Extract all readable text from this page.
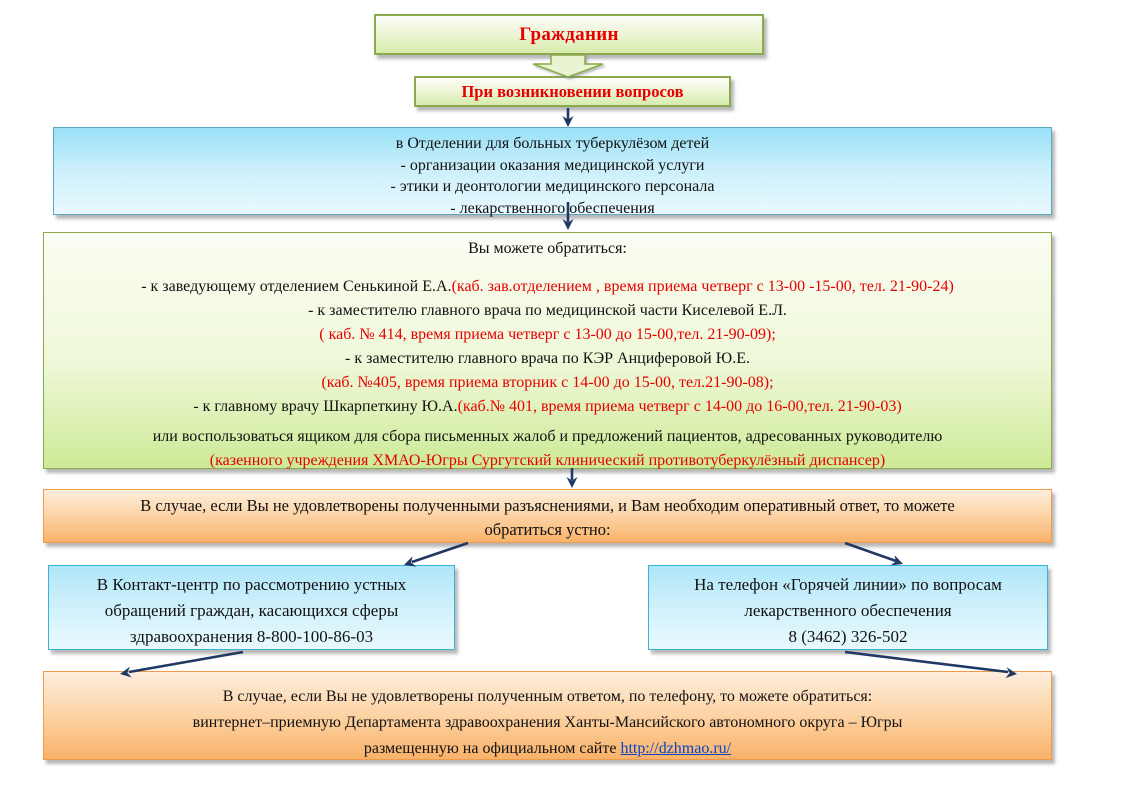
Гражданин
При возникновении вопросов
в Отделении для больных туберкулёзом детей
- организации оказания медицинской услуги
- этики и деонтологии медицинского персонала
- лекарственного обеспечения
Вы можете обратиться:
- к заведующему отделением Сенькиной Е.А.(каб. зав.отделением , время приема четверг с 13-00 -15-00, тел. 21-90-24)
- к заместителю главного врача по медицинской части Киселевой Е.Л.
( каб. № 414, время приема четверг с 13-00 до 15-00,тел. 21-90-09);
- к заместителю главного врача по КЭР Анциферовой Ю.Е.
(каб. №405, время приема вторник с 14-00 до 15-00, тел.21-90-08);
- к главному врачу Шкарпеткину Ю.А.(каб.№ 401, время приема четверг с 14-00 до 16-00,тел. 21-90-03)
или воспользоваться ящиком для сбора письменных жалоб и предложений пациентов, адресованных руководителю
(казенного учреждения ХМАО-Югры Сургутский клинический противотуберкулёзный диспансер)
В случае, если Вы не удовлетворены полученными разъяснениями, и Вам необходим оперативный ответ, то можете
обратиться устно:
В Контакт-центр по рассмотрению устных
обращений граждан, касающихся сферы
здравоохранения 8-800-100-86-03
На телефон «Горячей линии» по вопросам
лекарственного обеспечения
8 (3462) 326-502
В случае, если Вы не удовлетворены полученным ответом, по телефону, то можете обратиться:
винтернет–приемную Департамента здравоохранения Ханты-Мансийского автономного округа – Югры
размещенную на официальном сайте http://dzhmao.ru/
